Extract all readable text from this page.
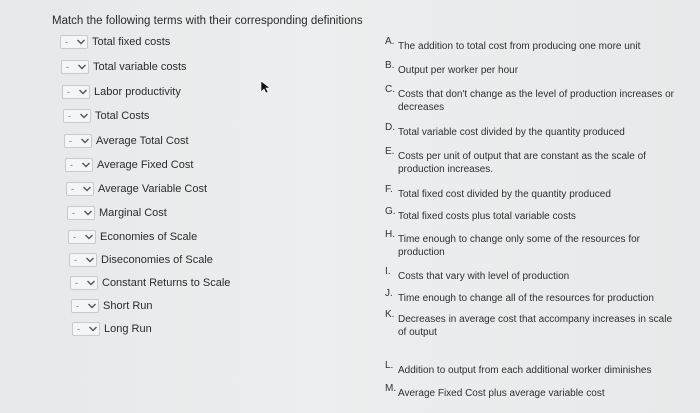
Match the following terms with their corresponding definitions
- Total fixed costs
- Total variable costs
- Labor productivity
- Total Costs
- Average Total Cost
- Average Fixed Cost
- Average Variable Cost
- Marginal Cost
- Economies of Scale
- Diseconomies of Scale
- Constant Returns to Scale
- Short Run
- Long Run
A. The addition to total cost from producing one more unit
B. Output per worker per hour
C. Costs that don't change as the level of production increases or decreases
D. Total variable cost divided by the quantity produced
E. Costs per unit of output that are constant as the scale of production increases.
F. Total fixed cost divided by the quantity produced
G. Total fixed costs plus total variable costs
H. Time enough to change only some of the resources for production
I. Costs that vary with level of production
J. Time enough to change all of the resources for production
K. Decreases in average cost that accompany increases in scale of output
L. Addition to output from each additional worker diminishes
M. Average Fixed Cost plus average variable cost
